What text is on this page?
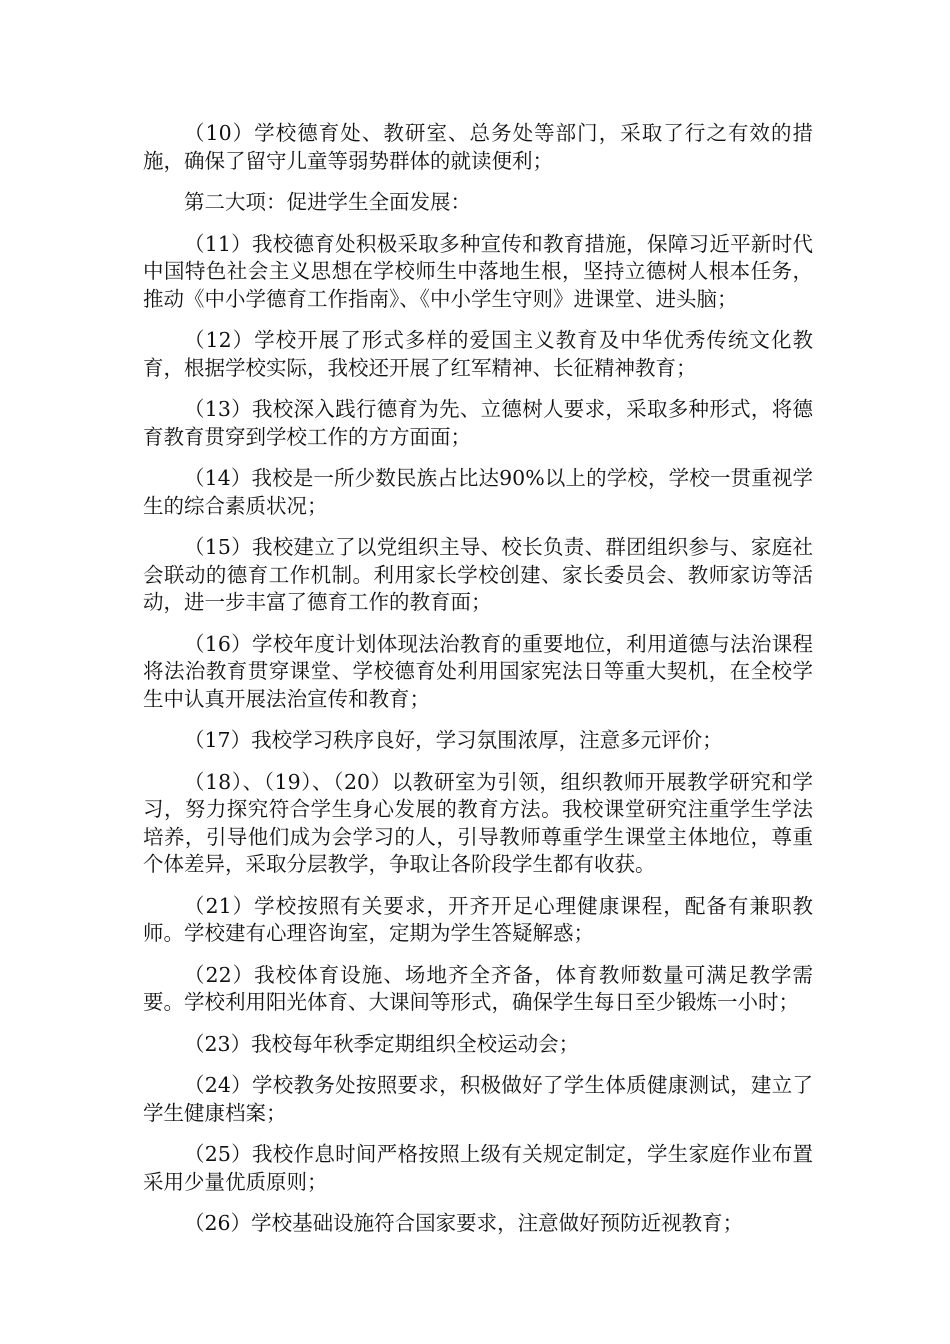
（10）学校德育处、教研室、总务处等部门，采取了行之有效的措施，确保了留守儿童等弱势群体的就读便利；

第二大项：促进学生全面发展：

（11）我校德育处积极采取多种宣传和教育措施，保障习近平新时代中国特色社会主义思想在学校师生中落地生根，坚持立德树人根本任务，推动《中小学德育工作指南》、《中小学生守则》进课堂、进头脑；

（12）学校开展了形式多样的爱国主义教育及中华优秀传统文化教育，根据学校实际，我校还开展了红军精神、长征精神教育；

（13）我校深入践行德育为先、立德树人要求，采取多种形式，将德育教育贯穿到学校工作的方方面面；

（14）我校是一所少数民族占比达90%以上的学校，学校一贯重视学生的综合素质状况；

（15）我校建立了以党组织主导、校长负责、群团组织参与、家庭社会联动的德育工作机制。利用家长学校创建、家长委员会、教师家访等活动，进一步丰富了德育工作的教育面；

（16）学校年度计划体现法治教育的重要地位，利用道德与法治课程将法治教育贯穿课堂、学校德育处利用国家宪法日等重大契机，在全校学生中认真开展法治宣传和教育；

（17）我校学习秩序良好，学习氛围浓厚，注意多元评价；

（18）、（19）、（20）以教研室为引领，组织教师开展教学研究和学习，努力探究符合学生身心发展的教育方法。我校课堂研究注重学生学法培养，引导他们成为会学习的人，引导教师尊重学生课堂主体地位，尊重个体差异，采取分层教学，争取让各阶段学生都有收获。

（21）学校按照有关要求，开齐开足心理健康课程，配备有兼职教师。学校建有心理咨询室，定期为学生答疑解惑；

（22）我校体育设施、场地齐全齐备，体育教师数量可满足教学需要。学校利用阳光体育、大课间等形式，确保学生每日至少锻炼一小时；

（23）我校每年秋季定期组织全校运动会；

（24）学校教务处按照要求，积极做好了学生体质健康测试，建立了学生健康档案；

（25）我校作息时间严格按照上级有关规定制定，学生家庭作业布置采用少量优质原则；

（26）学校基础设施符合国家要求，注意做好预防近视教育；
